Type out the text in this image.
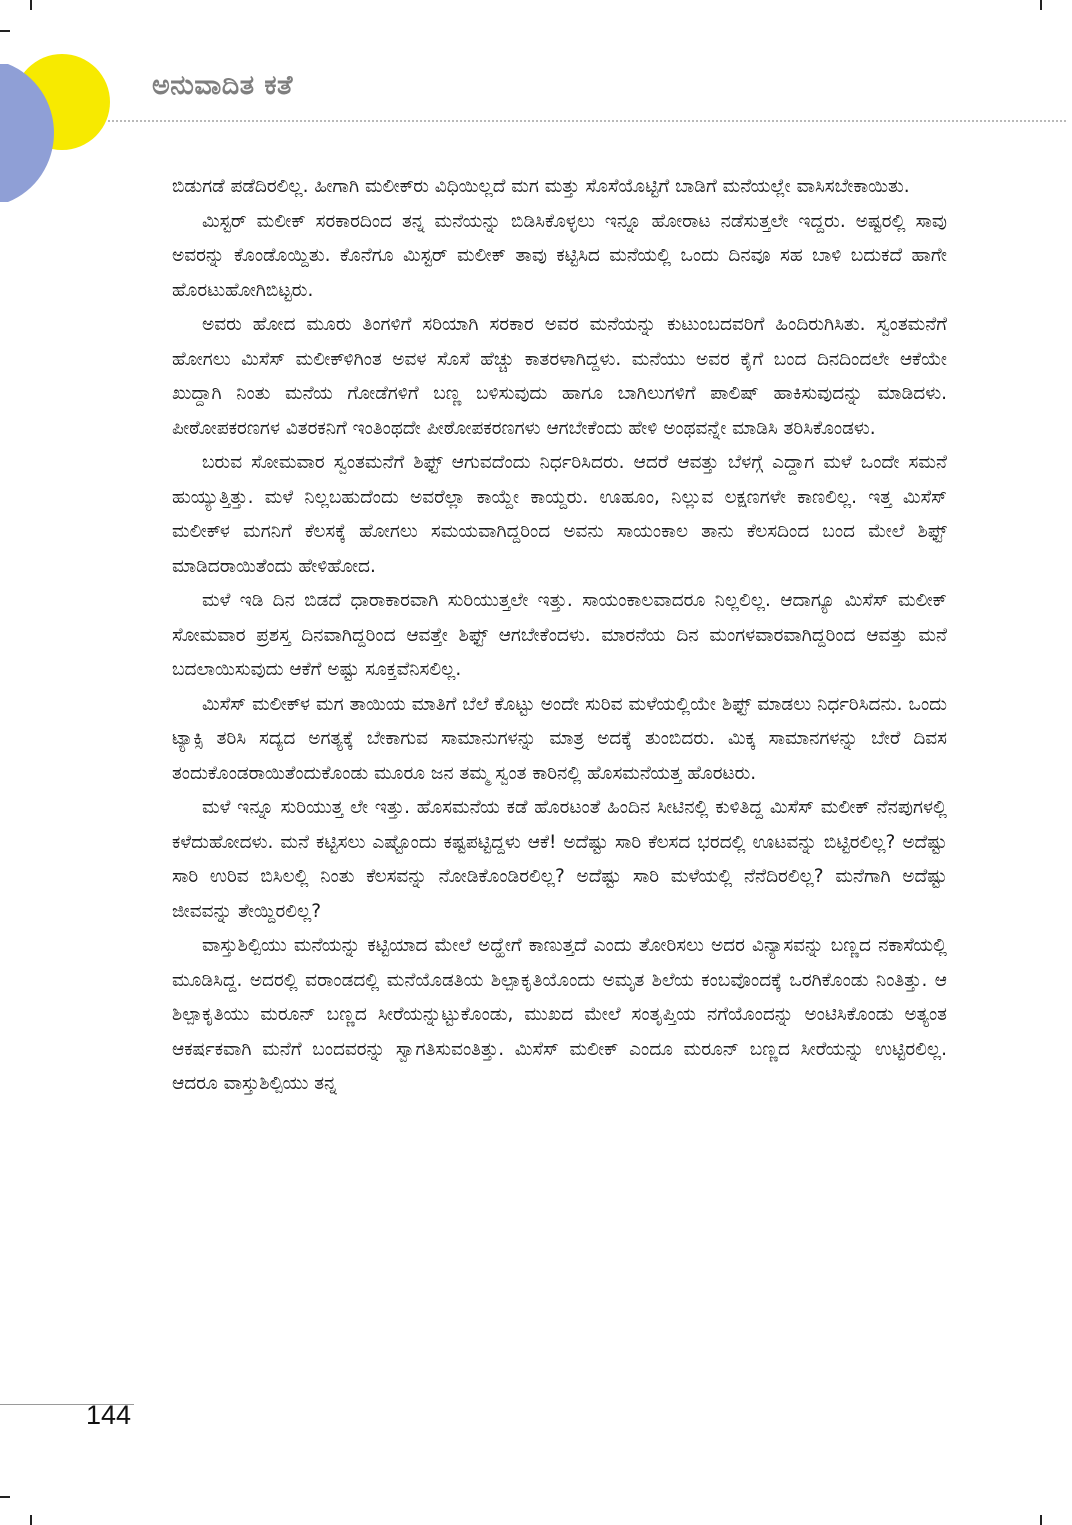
ಅನುವಾದಿತ ಕತೆ

ಬಿಡುಗಡೆ ಪಡೆದಿರಲಿಲ್ಲ. ಹೀಗಾಗಿ ಮಲೀಕ್‍ರು ವಿಧಿಯಿಲ್ಲದೆ ಮಗ ಮತ್ತು ಸೊಸೆಯೊಟ್ಟಿಗೆ ಬಾಡಿಗೆ ಮನೆಯಲ್ಲೇ ವಾಸಿಸಬೇಕಾಯಿತು.

ಮಿಸ್ಟರ್ ಮಲೀಕ್ ಸರಕಾರದಿಂದ ತನ್ನ ಮನೆಯನ್ನು ಬಿಡಿಸಿಕೊಳ್ಳಲು ಇನ್ನೂ ಹೋರಾಟ ನಡೆಸುತ್ತಲೇ ಇದ್ದರು. ಅಷ್ಟರಲ್ಲಿ ಸಾವು ಅವರನ್ನು ಕೊಂಡೊಯ್ದಿತು. ಕೊನೆಗೂ ಮಿಸ್ಟರ್ ಮಲೀಕ್ ತಾವು ಕಟ್ಟಿಸಿದ ಮನೆಯಲ್ಲಿ ಒಂದು ದಿನವೂ ಸಹ ಬಾಳಿ ಬದುಕದೆ ಹಾಗೇ ಹೊರಟುಹೋಗಿಬಿಟ್ಟರು.

ಅವರು ಹೋದ ಮೂರು ತಿಂಗಳಿಗೆ ಸರಿಯಾಗಿ ಸರಕಾರ ಅವರ ಮನೆಯನ್ನು ಕುಟುಂಬದವರಿಗೆ ಹಿಂದಿರುಗಿಸಿತು. ಸ್ವಂತಮನೆಗೆ ಹೋಗಲು ಮಿಸೆಸ್ ಮಲೀಕ್‍ಳಿಗಿಂತ ಅವಳ ಸೊಸೆ ಹೆಚ್ಚು ಕಾತರಳಾಗಿದ್ದಳು. ಮನೆಯು ಅವರ ಕೈಗೆ ಬಂದ ದಿನದಿಂದಲೇ ಆಕೆಯೇ ಖುದ್ದಾಗಿ ನಿಂತು ಮನೆಯ ಗೋಡೆಗಳಿಗೆ ಬಣ್ಣ ಬಳಿಸುವುದು ಹಾಗೂ ಬಾಗಿಲುಗಳಿಗೆ ಪಾಲಿಷ್ ಹಾಕಿಸುವುದನ್ನು ಮಾಡಿದಳು. ಪೀಠೋಪಕರಣಗಳ ವಿತರಕನಿಗೆ ಇಂತಿಂಥದೇ ಪೀಠೋಪಕರಣಗಳು ಆಗಬೇಕೆಂದು ಹೇಳಿ ಅಂಥವನ್ನೇ ಮಾಡಿಸಿ ತರಿಸಿಕೊಂಡಳು.

ಬರುವ ಸೋಮವಾರ ಸ್ವಂತಮನೆಗೆ ಶಿಫ್ಟ್ ಆಗುವದೆಂದು ನಿರ್ಧರಿಸಿದರು. ಆದರೆ ಆವತ್ತು ಬೆಳಗ್ಗೆ ಎದ್ದಾಗ ಮಳೆ ಒಂದೇ ಸಮನೆ ಹುಯ್ಯುತ್ತಿತ್ತು. ಮಳೆ ನಿಲ್ಲಬಹುದೆಂದು ಅವರೆಲ್ಲಾ ಕಾಯ್ದೇ ಕಾಯ್ದರು. ಊಹೂಂ, ನಿಲ್ಲುವ ಲಕ್ಷಣಗಳೇ ಕಾಣಲಿಲ್ಲ. ಇತ್ತ ಮಿಸೆಸ್ ಮಲೀಕ್‍ಳ ಮಗನಿಗೆ ಕೆಲಸಕ್ಕೆ ಹೋಗಲು ಸಮಯವಾಗಿದ್ದರಿಂದ ಅವನು ಸಾಯಂಕಾಲ ತಾನು ಕೆಲಸದಿಂದ ಬಂದ ಮೇಲೆ ಶಿಫ್ಟ್ ಮಾಡಿದರಾಯಿತೆಂದು ಹೇಳಿಹೋದ.

ಮಳೆ ಇಡಿ ದಿನ ಬಿಡದೆ ಧಾರಾಕಾರವಾಗಿ ಸುರಿಯುತ್ತಲೇ ಇತ್ತು. ಸಾಯಂಕಾಲವಾದರೂ ನಿಲ್ಲಲಿಲ್ಲ. ಆದಾಗ್ಯೂ ಮಿಸೆಸ್ ಮಲೀಕ್ ಸೋಮವಾರ ಪ್ರಶಸ್ತ ದಿನವಾಗಿದ್ದರಿಂದ ಆವತ್ತೇ ಶಿಫ್ಟ್ ಆಗಬೇಕೆಂದಳು. ಮಾರನೆಯ ದಿನ ಮಂಗಳವಾರವಾಗಿದ್ದರಿಂದ ಆವತ್ತು ಮನೆ ಬದಲಾಯಿಸುವುದು ಆಕೆಗೆ ಅಷ್ಟು ಸೂಕ್ತವೆನಿಸಲಿಲ್ಲ.

ಮಿಸೆಸ್ ಮಲೀಕ್‍ಳ ಮಗ ತಾಯಿಯ ಮಾತಿಗೆ ಬೆಲೆ ಕೊಟ್ಟು ಅಂದೇ ಸುರಿವ ಮಳೆಯಲ್ಲಿಯೇ ಶಿಫ್ಟ್ ಮಾಡಲು ನಿರ್ಧರಿಸಿದನು. ಒಂದು ಟ್ಯಾಕ್ಸಿ ತರಿಸಿ ಸದ್ಯದ ಅಗತ್ಯಕ್ಕೆ ಬೇಕಾಗುವ ಸಾಮಾನುಗಳನ್ನು ಮಾತ್ರ ಅದಕ್ಕೆ ತುಂಬಿದರು. ಮಿಕ್ಕ ಸಾಮಾನಗಳನ್ನು ಬೇರೆ ದಿವಸ ತಂದುಕೊಂಡರಾಯಿತೆಂದುಕೊಂಡು ಮೂರೂ ಜನ ತಮ್ಮ ಸ್ವಂತ ಕಾರಿನಲ್ಲಿ ಹೊಸಮನೆಯತ್ತ ಹೊರಟರು.

ಮಳೆ ಇನ್ನೂ ಸುರಿಯುತ್ತ ಲೇ ಇತ್ತು. ಹೊಸಮನೆಯ ಕಡೆ ಹೊರಟಂತೆ ಹಿಂದಿನ ಸೀಟಿನಲ್ಲಿ ಕುಳಿತಿದ್ದ ಮಿಸೆಸ್ ಮಲೀಕ್ ನೆನಪುಗಳಲ್ಲಿ ಕಳೆದುಹೋದಳು. ಮನೆ ಕಟ್ಟಿಸಲು ಎಷ್ಟೊಂದು ಕಷ್ಟಪಟ್ಟಿದ್ದಳು ಆಕೆ! ಅದೆಷ್ಟು ಸಾರಿ ಕೆಲಸದ ಭರದಲ್ಲಿ ಊಟವನ್ನು ಬಿಟ್ಟಿರಲಿಲ್ಲ? ಅದೆಷ್ಟು ಸಾರಿ ಉರಿವ ಬಿಸಿಲಲ್ಲಿ ನಿಂತು ಕೆಲಸವನ್ನು ನೋಡಿಕೊಂಡಿರಲಿಲ್ಲ? ಅದೆಷ್ಟು ಸಾರಿ ಮಳೆಯಲ್ಲಿ ನೆನೆದಿರಲಿಲ್ಲ? ಮನೆಗಾಗಿ ಅದೆಷ್ಟು ಜೀವವನ್ನು ತೇಯ್ದಿರಲಿಲ್ಲ?

ವಾಸ್ತುಶಿಲ್ಪಿಯು ಮನೆಯನ್ನು ಕಟ್ಟಿಯಾದ ಮೇಲೆ ಅದ್ಹೇಗೆ ಕಾಣುತ್ತದೆ ಎಂದು ತೋರಿಸಲು ಅದರ ವಿನ್ಯಾಸವನ್ನು ಬಣ್ಣದ ನಕಾಸೆಯಲ್ಲಿ ಮೂಡಿಸಿದ್ದ. ಅದರಲ್ಲಿ ವರಾಂಡದಲ್ಲಿ ಮನೆಯೊಡತಿಯ ಶಿಲ್ಪಾಕೃತಿಯೊಂದು ಅಮೃತ ಶಿಲೆಯ ಕಂಬವೊಂದಕ್ಕೆ ಒರಗಿಕೊಂಡು ನಿಂತಿತ್ತು. ಆ ಶಿಲ್ಪಾಕೃತಿಯು ಮರೂನ್ ಬಣ್ಣದ ಸೀರೆಯನ್ನುಟ್ಟುಕೊಂಡು, ಮುಖದ ಮೇಲೆ ಸಂತೃಪ್ತಿಯ ನಗೆಯೊಂದನ್ನು ಅಂಟಿಸಿಕೊಂಡು ಅತ್ಯಂತ ಆಕರ್ಷಕವಾಗಿ ಮನೆಗೆ ಬಂದವರನ್ನು ಸ್ವಾಗತಿಸುವಂತಿತ್ತು. ಮಿಸೆಸ್ ಮಲೀಕ್ ಎಂದೂ ಮರೂನ್ ಬಣ್ಣದ ಸೀರೆಯನ್ನು ಉಟ್ಟಿರಲಿಲ್ಲ. ಆದರೂ ವಾಸ್ತುಶಿಲ್ಪಿಯು ತನ್ನ

144
